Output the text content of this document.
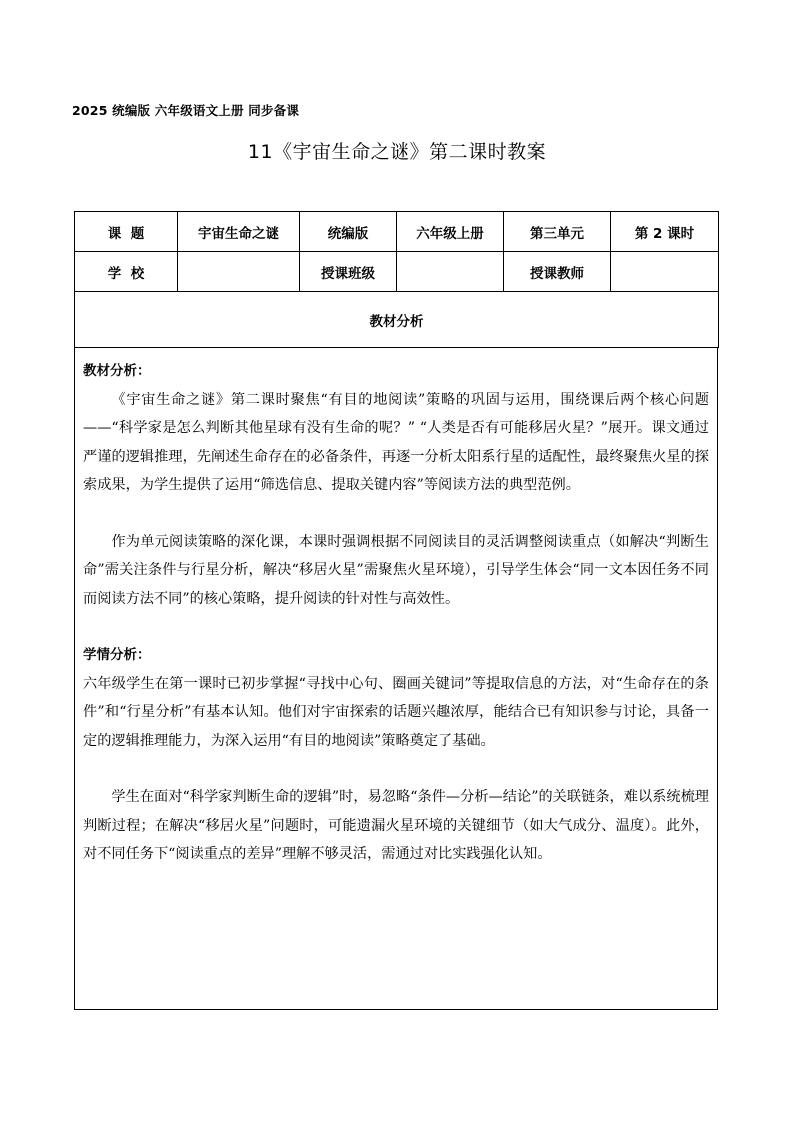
2025 统编版 六年级语文上册 同步备课
11《宇宙生命之谜》第二课时教案
课  题	宇宙生命之谜	统编版	六年级上册	第三单元	第 2 课时
学  校		授课班级		授课教师	
教材分析					
教材分析：

《宇宙生命之谜》第二课时聚焦“有目的地阅读”策略的巩固与运用，围绕课后两个核心问题——“科学家是怎么判断其他星球有没有生命的呢？” “人类是否有可能移居火星？”展开。课文通过严谨的逻辑推理，先阐述生命存在的必备条件，再逐一分析太阳系行星的适配性，最终聚焦火星的探索成果，为学生提供了运用“筛选信息、提取关键内容”等阅读方法的典型范例。

作为单元阅读策略的深化课，本课时强调根据不同阅读目的灵活调整阅读重点（如解决“判断生命”需关注条件与行星分析，解决“移居火星”需聚焦火星环境），引导学生体会“同一文本因任务不同而阅读方法不同”的核心策略，提升阅读的针对性与高效性。

学情分析：

六年级学生在第一课时已初步掌握“寻找中心句、圈画关键词”等提取信息的方法，对“生命存在的条件”和“行星分析”有基本认知。他们对宇宙探索的话题兴趣浓厚，能结合已有知识参与讨论，具备一定的逻辑推理能力，为深入运用“有目的地阅读”策略奠定了基础。

学生在面对“科学家判断生命的逻辑”时，易忽略“条件—分析—结论”的关联链条，难以系统梳理判断过程；在解决“移居火星”问题时，可能遗漏火星环境的关键细节（如大气成分、温度）。此外，对不同任务下“阅读重点的差异”理解不够灵活，需通过对比实践强化认知。
